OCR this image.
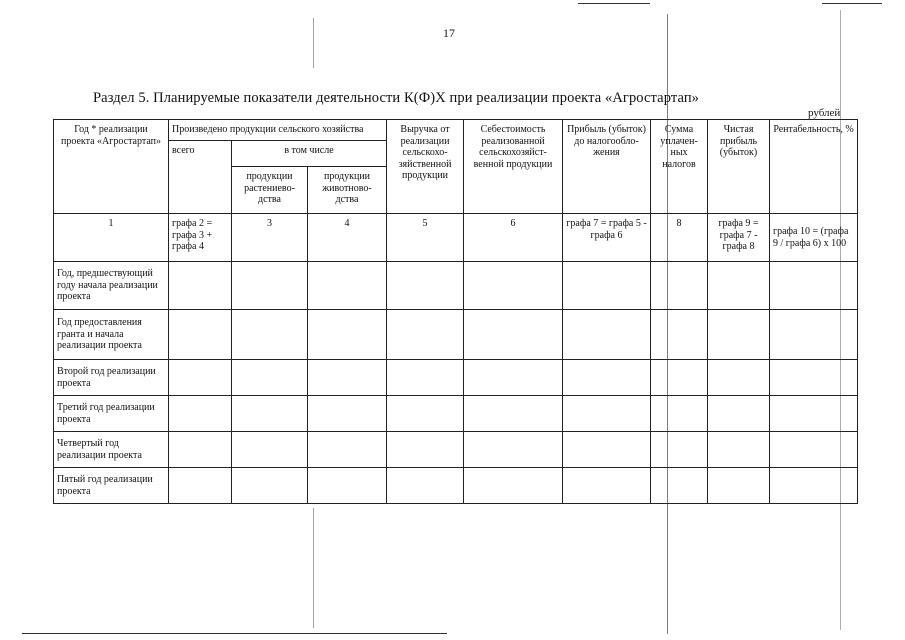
17
Раздел 5. Планируемые показатели деятельности К(Ф)Х при реализации проекта «Агростартап»
рублей
Год * реализации проекта «Агростартап»	Произведено продукции сельского хозяйства			Выручка от реализации сельскохо-зяйственной продукции	Себестоимость реализованной сельскохозяйст-венной продукции	Прибыль (убыток) до налогообло-жения	Сумма уплачен-ных налогов	Чистая прибыль (убыток)	Рентабельность, %
	всего	в том числе							
		продукции растениево-дства	продукции животново-дства						
1	графа 2 = графа 3 + графа 4	3	4	5	6	графа 7 = графа 5 - графа 6	8	графа 9 = графа 7 - графа 8	графа 10 = (графа 9 / графа 6) х 100
Год, предшествующий году начала реализации проекта									
Год предоставления гранта и начала реализации проекта									
Второй год реализации проекта									
Третий год реализации проекта									
Четвертый год реализации проекта									
Пятый год реализации проекта									
